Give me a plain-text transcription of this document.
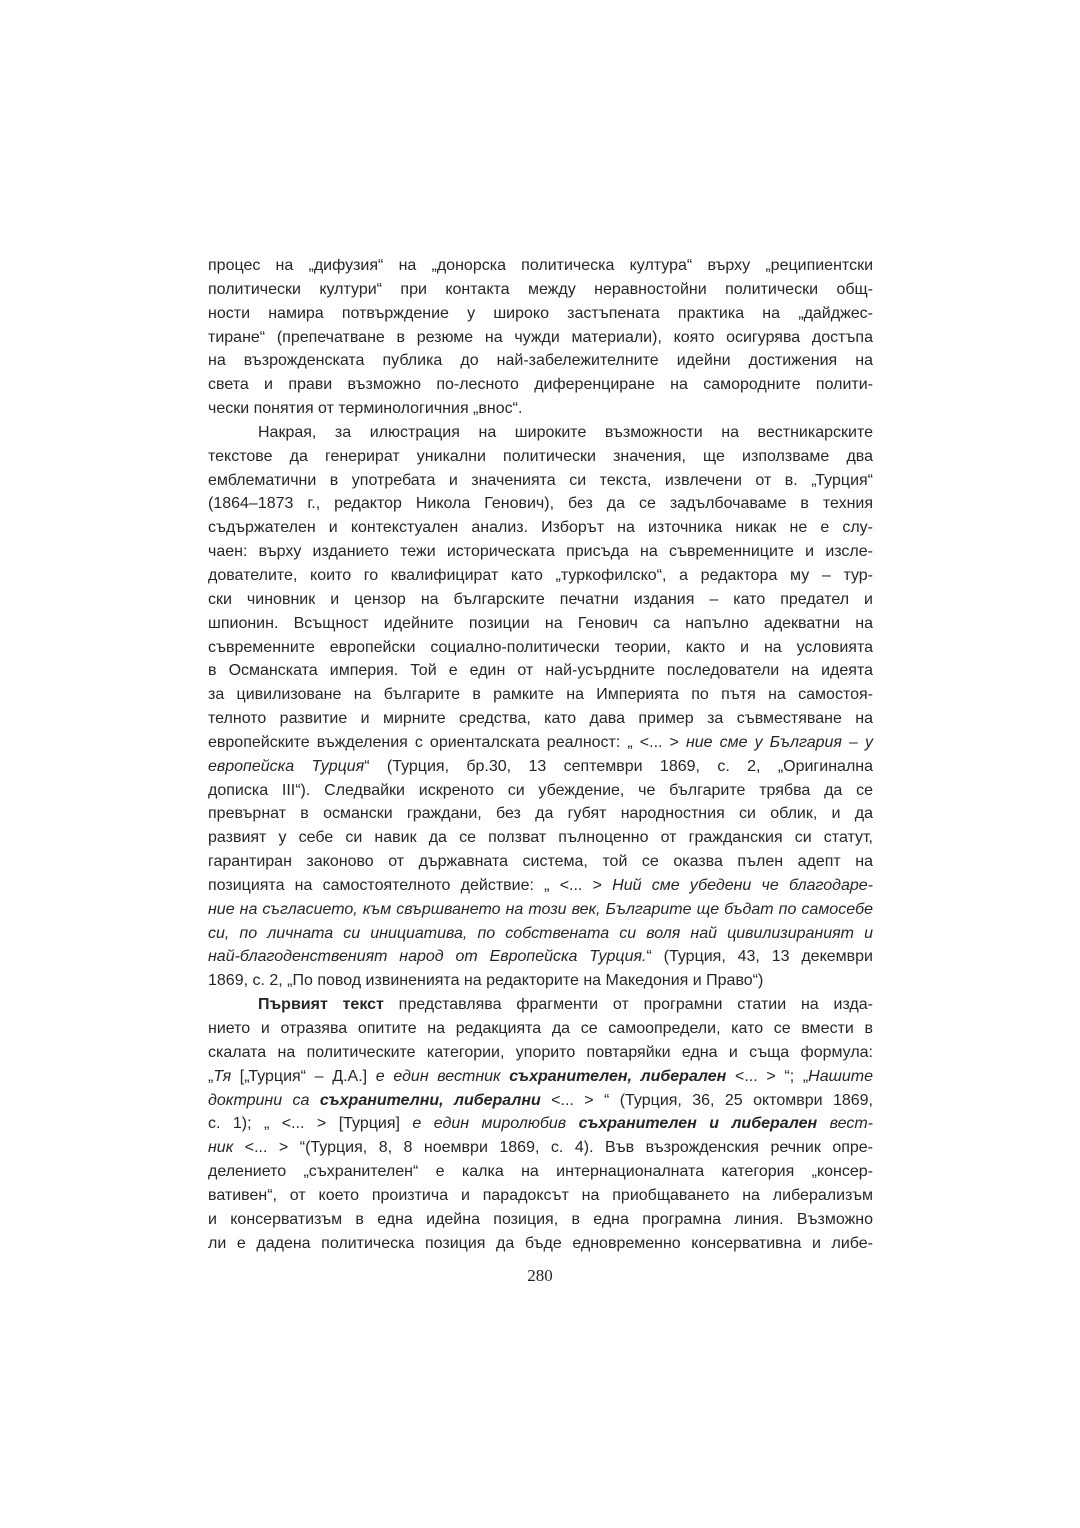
процес на „дифузия“ на „донорска политическа култура“ върху „реципиентски
политически култури“ при контакта между неравностойни политически общ-
ности намира потвърждение у широко застъпената практика на „дайджес-
тиране“ (препечатване в резюме на чужди материали), която осигурява достъпа
на възрожденската публика до най-забележителните идейни достижения на
света и прави възможно по-лесното диференциране на самородните полити-
чески понятия от терминологичния „внос“.
Накрая, за илюстрация на широките възможности на вестникарските
текстове да генерират уникални политически значения, ще използваме два
емблематични в употребата и значенията си текста, извлечени от в. „Турция“
(1864–1873 г., редактор Никола Генович), без да се задълбочаваме в техния
съдържателен и контекстуален анализ. Изборът на източника никак не е слу-
чаен: върху изданието тежи историческата присъда на съвременниците и изсле-
дователите, които го квалифицират като „туркофилско“, а редактора му – тур-
ски чиновник и цензор на българските печатни издания – като предател и
шпионин. Всъщност идейните позиции на Генович са напълно адекватни на
съвременните европейски социално-политически теории, както и на условията
в Османската империя. Той е един от най-усърдните последователи на идеята
за цивилизоване на българите в рамките на Империята по пътя на самостоя-
телното развитие и мирните средства, като дава пример за съвместяване на
европейските въжделения с ориенталската реалност: „ <... > ние сме у България – у
европейска Турция“ (Турция, бр.30, 13 септември 1869, с. 2, „Оригинална
дописка III“). Следвайки искреното си убеждение, че българите трябва да се
превърнат в османски граждани, без да губят народностния си облик, и да
развият у себе си навик да се ползват пълноценно от гражданския си статут,
гарантиран законово от държавната система, той се оказва пълен адепт на
позицията на самостоятелното действие: „ <... > Ний сме убедени че благодаре-
ние на съгласието, към свършването на този век, Българите ще бъдат по самосебе
си, по личната си инициатива, по собствената си воля най цивилизираният и
най-благоденственият народ от Европейска Турция.“ (Турция, 43, 13 декември
1869, с. 2, „По повод извиненията на редакторите на Македония и Право“)
Първият текст представлява фрагменти от програмни статии на изда-
нието и отразява опитите на редакцията да се самоопредели, като се вмести в
скалата на политическите категории, упорито повтаряйки една и съща формула:
„Тя [„Турция“ – Д.А.] е един вестник съхранителен, либерален <... > “; „Нашите
доктрини са съхранителни, либерални <... > “ (Турция, 36, 25 октомври 1869,
с. 1); „ <... > [Турция] е един миролюбив съхранителен и либерален вест-
ник <... > “(Турция, 8, 8 ноември 1869, с. 4). Във възрожденския речник опре-
делението „съхранителен“ е калка на интернационалната категория „консер-
вативен“, от което произтича и парадоксът на приобщаването на либерализъм
и консерватизъм в една идейна позиция, в една програмна линия. Възможно
ли е дадена политическа позиция да бъде едновременно консервативна и либе-
280
